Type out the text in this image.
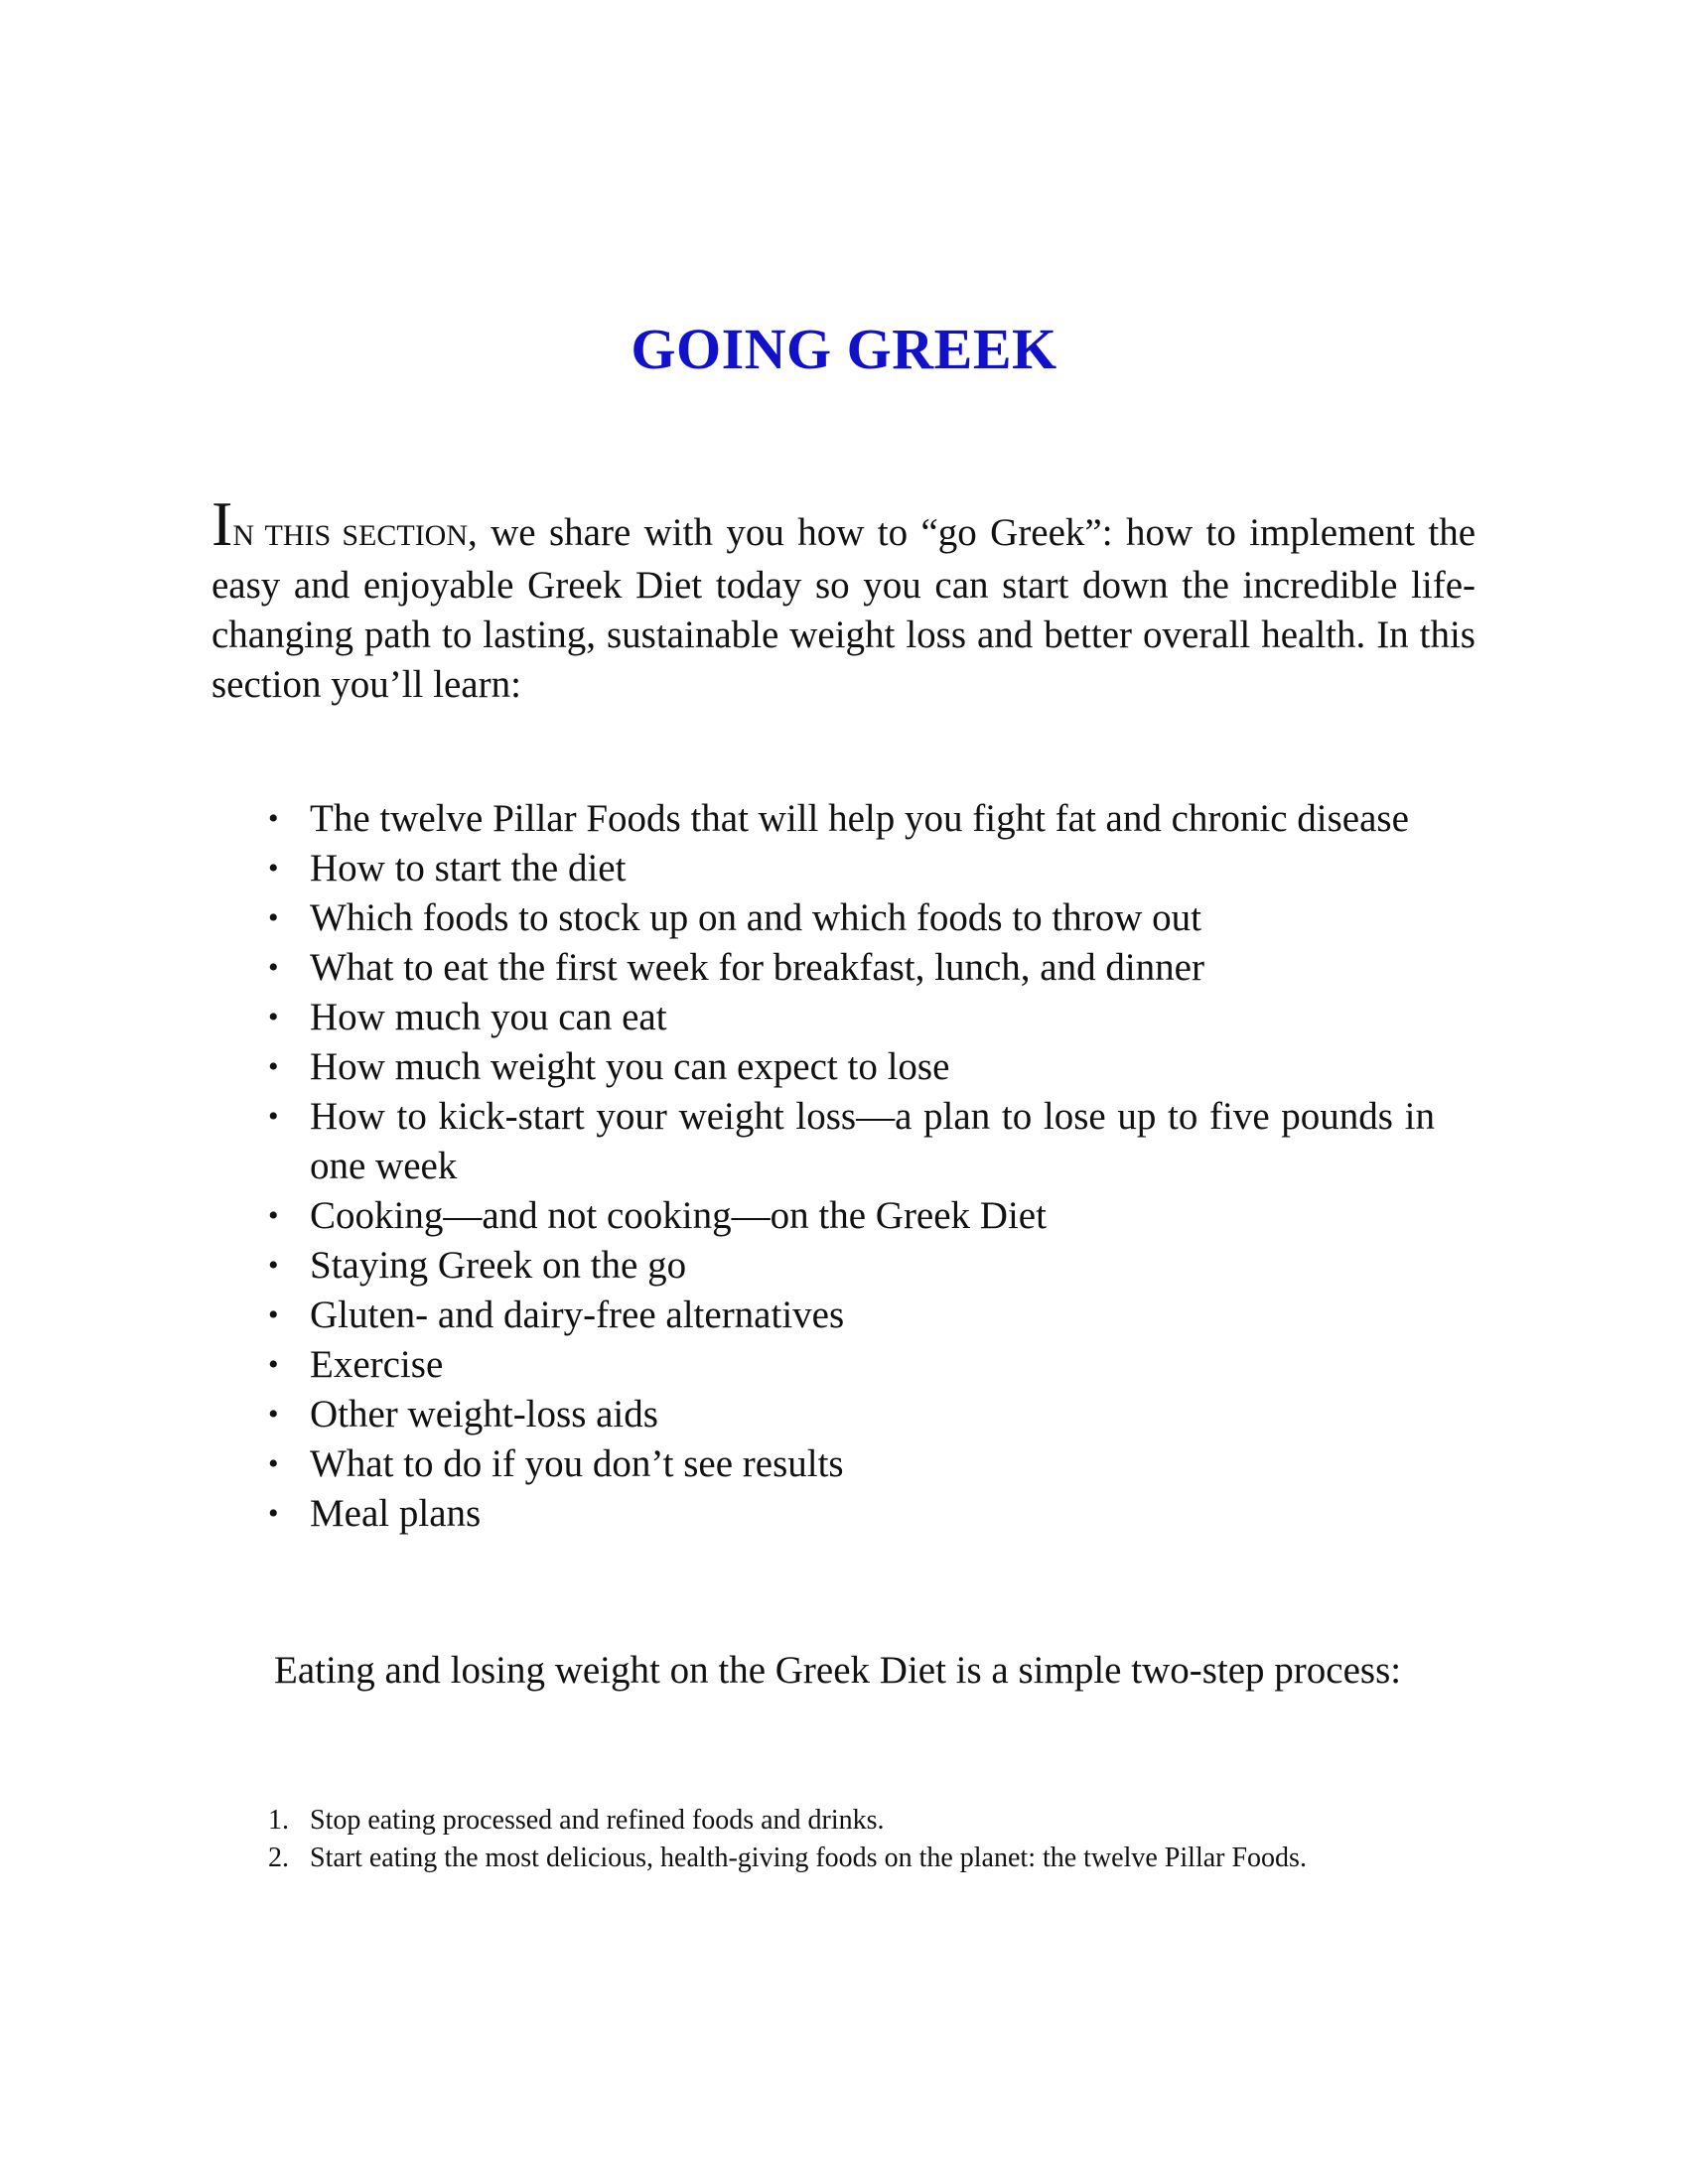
GOING GREEK

IN THIS SECTION, we share with you how to “go Greek”: how to implement the easy and enjoyable Greek Diet today so you can start down the incredible life-changing path to lasting, sustainable weight loss and better overall health. In this section you’ll learn:

• The twelve Pillar Foods that will help you fight fat and chronic disease
• How to start the diet
• Which foods to stock up on and which foods to throw out
• What to eat the first week for breakfast, lunch, and dinner
• How much you can eat
• How much weight you can expect to lose
• How to kick-start your weight loss—a plan to lose up to five pounds in one week
• Cooking—and not cooking—on the Greek Diet
• Staying Greek on the go
• Gluten- and dairy-free alternatives
• Exercise
• Other weight-loss aids
• What to do if you don’t see results
• Meal plans

Eating and losing weight on the Greek Diet is a simple two-step process:

1. Stop eating processed and refined foods and drinks.
2. Start eating the most delicious, health-giving foods on the planet: the twelve Pillar Foods.
